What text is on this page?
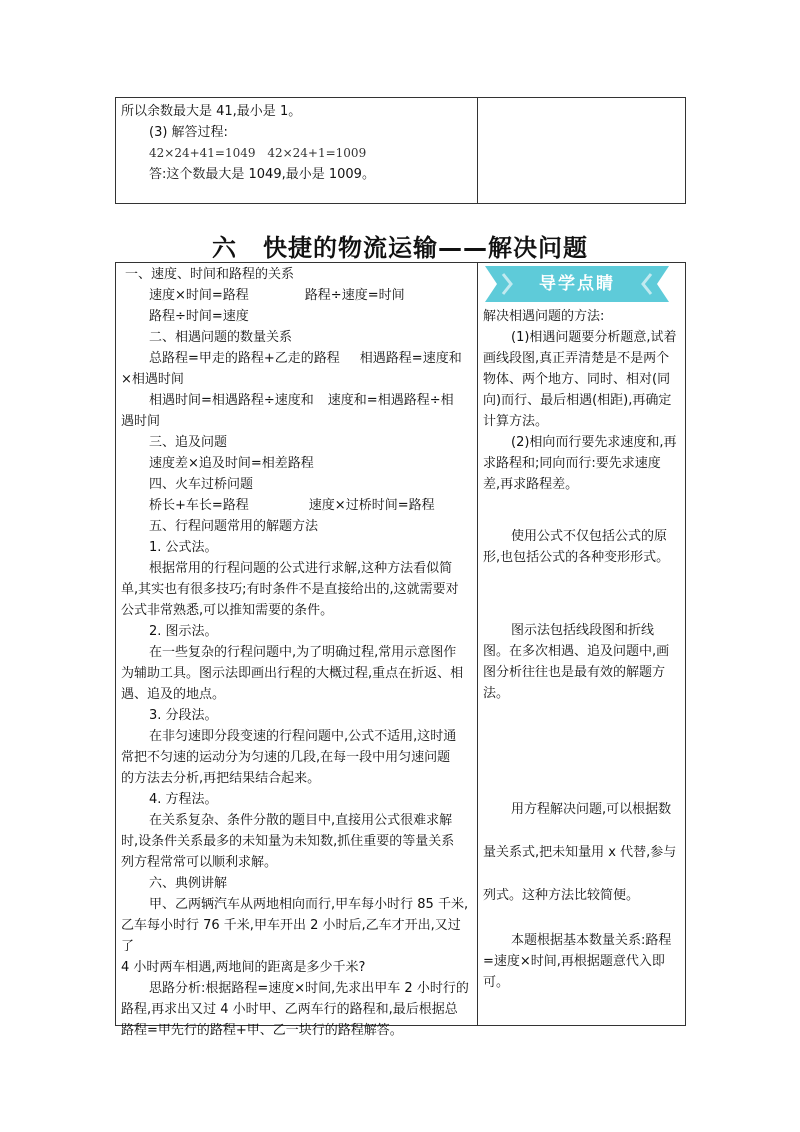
所以余数最大是 41,最小是 1。

(3) 解答过程:

42×24+41=1049 42×24+1=1009

答:这个数最大是 1049,最小是 1009。

六 快捷的物流运输——解决问题

一、速度、时间和路程的关系

速度×时间=路程	路程÷速度=时间

路程÷时间=速度

二、相遇问题的数量关系

总路程=甲走的路程+乙走的路程 相遇路程=速度和

×相遇时间

相遇时间=相遇路程÷速度和 速度和=相遇路程÷相

遇时间

三、追及问题

速度差×追及时间=相差路程

四、火车过桥问题

桥长+车长=路程	速度×过桥时间=路程

五、行程问题常用的解题方法

1. 公式法。

根据常用的行程问题的公式进行求解,这种方法看似简

单,其实也有很多技巧;有时条件不是直接给出的,这就需要对

公式非常熟悉,可以推知需要的条件。

2. 图示法。

在一些复杂的行程问题中,为了明确过程,常用示意图作

为辅助工具。图示法即画出行程的大概过程,重点在折返、相

遇、追及的地点。

3. 分段法。

在非匀速即分段变速的行程问题中,公式不适用,这时通

常把不匀速的运动分为匀速的几段,在每一段中用匀速问题

的方法去分析,再把结果结合起来。

4. 方程法。

在关系复杂、条件分散的题目中,直接用公式很难求解

时,设条件关系最多的未知量为未知数,抓住重要的等量关系

列方程常常可以顺利求解。

六、典例讲解

甲、乙两辆汽车从两地相向而行,甲车每小时行 85 千米,

乙车每小时行 76 千米,甲车开出 2 小时后,乙车才开出,又过了

4 小时两车相遇,两地间的距离是多少千米?

思路分析:根据路程=速度×时间,先求出甲车 2 小时行的

路程,再求出又过 4 小时甲、乙两车行的路程和,最后根据总

路程=甲先行的路程+甲、乙一块行的路程解答。

导学点睛

解决相遇问题的方法:

(1)相遇问题要分析题意,试着

画线段图,真正弄清楚是不是两个

物体、两个地方、同时、相对(同

向)而行、最后相遇(相距),再确定

计算方法。

(2)相向而行要先求速度和,再

求路程和;同向而行:要先求速度

差,再求路程差。

使用公式不仅包括公式的原

形,也包括公式的各种变形形式。

图示法包括线段图和折线

图。在多次相遇、追及问题中,画

图分析往往也是最有效的解题方

法。

用方程解决问题,可以根据数

量关系式,把未知量用 x 代替,参与

列式。这种方法比较简便。

本题根据基本数量关系:路程

=速度×时间,再根据题意代入即

可。
